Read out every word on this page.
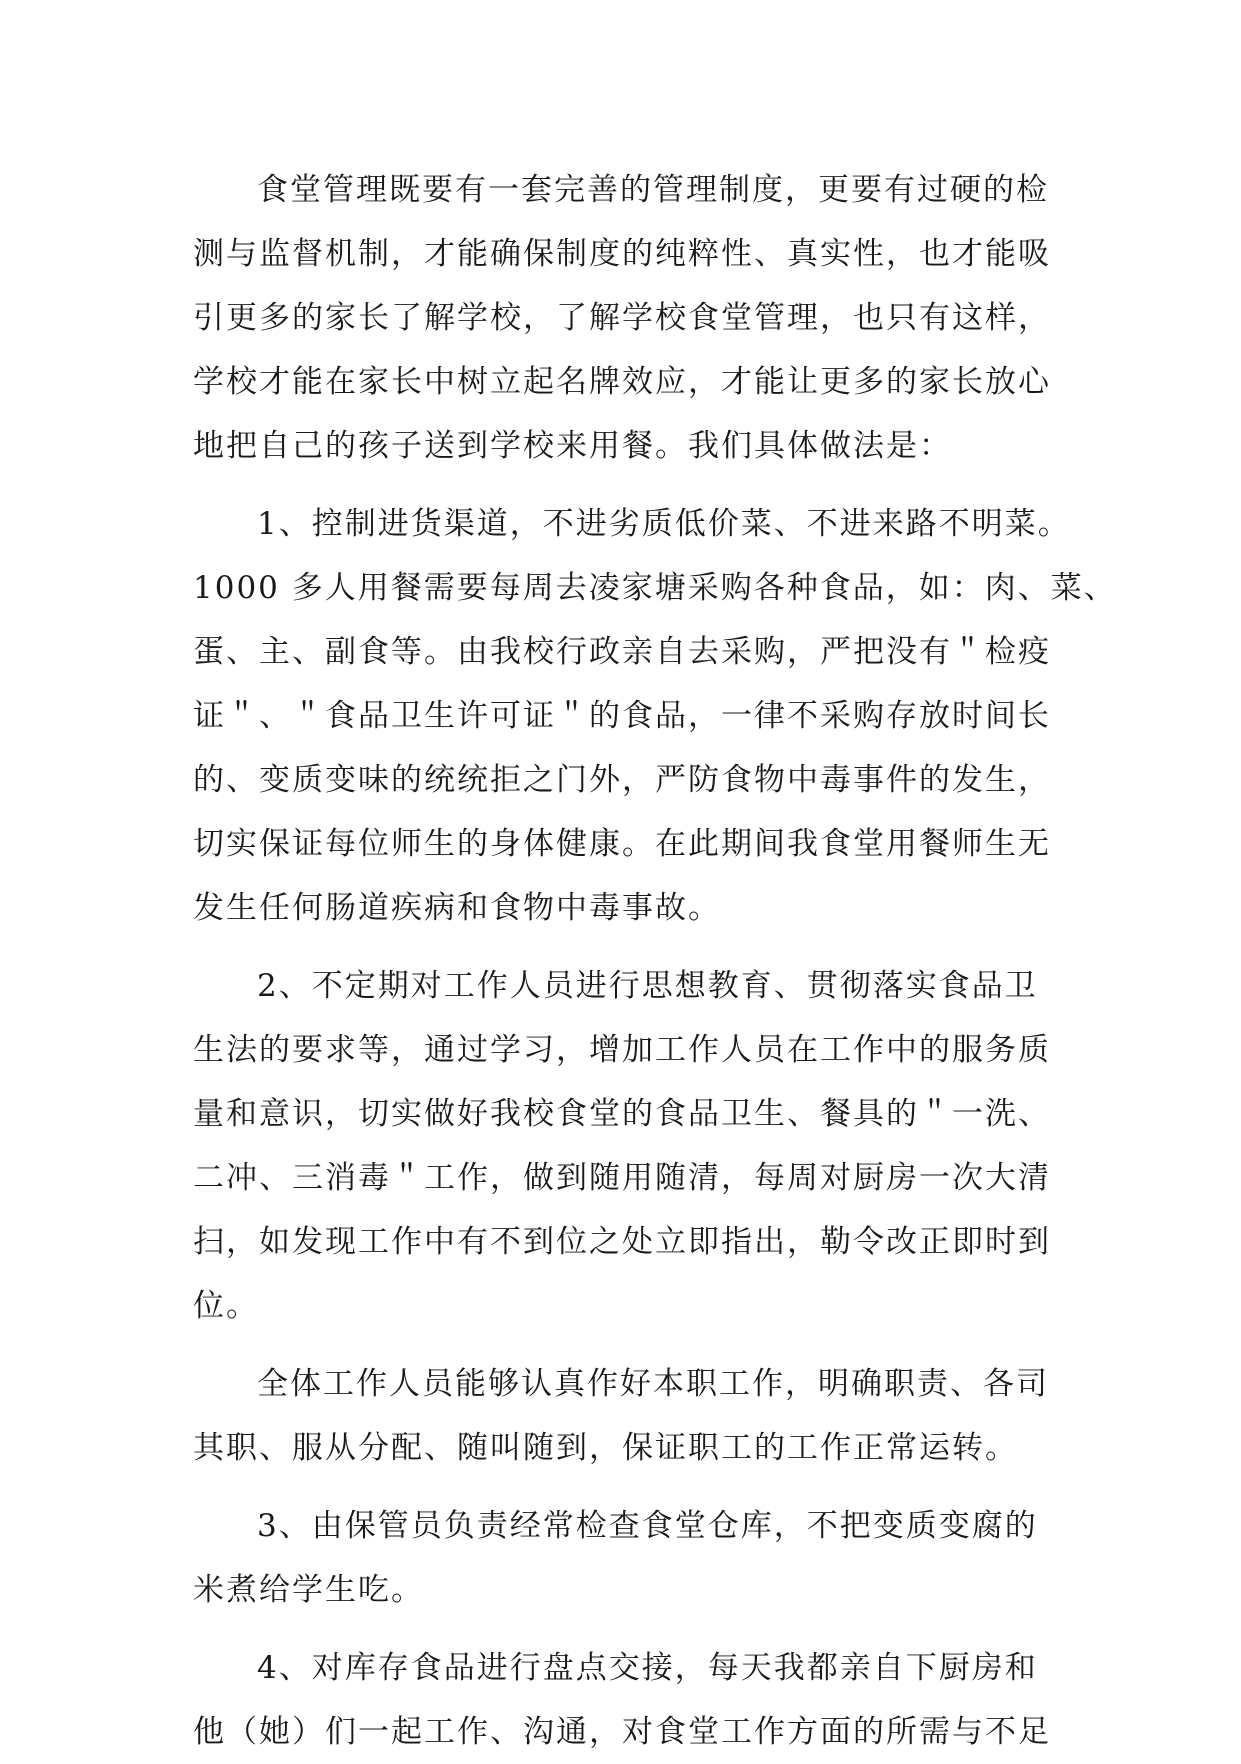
食堂管理既要有一套完善的管理制度，更要有过硬的检
测与监督机制，才能确保制度的纯粹性、真实性，也才能吸
引更多的家长了解学校，了解学校食堂管理，也只有这样，
学校才能在家长中树立起名牌效应，才能让更多的家长放心
地把自己的孩子送到学校来用餐。我们具体做法是：
1、控制进货渠道，不进劣质低价菜、不进来路不明菜。
1000 多人用餐需要每周去凌家塘采购各种食品，如：肉、菜、
蛋、主、副食等。由我校行政亲自去采购，严把没有＂检疫
证＂、＂食品卫生许可证＂的食品，一律不采购存放时间长
的、变质变味的统统拒之门外，严防食物中毒事件的发生，
切实保证每位师生的身体健康。在此期间我食堂用餐师生无
发生任何肠道疾病和食物中毒事故。
2、不定期对工作人员进行思想教育、贯彻落实食品卫
生法的要求等，通过学习，增加工作人员在工作中的服务质
量和意识，切实做好我校食堂的食品卫生、餐具的＂一洗、
二冲、三消毒＂工作，做到随用随清，每周对厨房一次大清
扫，如发现工作中有不到位之处立即指出，勒令改正即时到
位。
全体工作人员能够认真作好本职工作，明确职责、各司
其职、服从分配、随叫随到，保证职工的工作正常运转。
3、由保管员负责经常检查食堂仓库，不把变质变腐的
米煮给学生吃。
4、对库存食品进行盘点交接，每天我都亲自下厨房和
他（她）们一起工作、沟通，对食堂工作方面的所需与不足
